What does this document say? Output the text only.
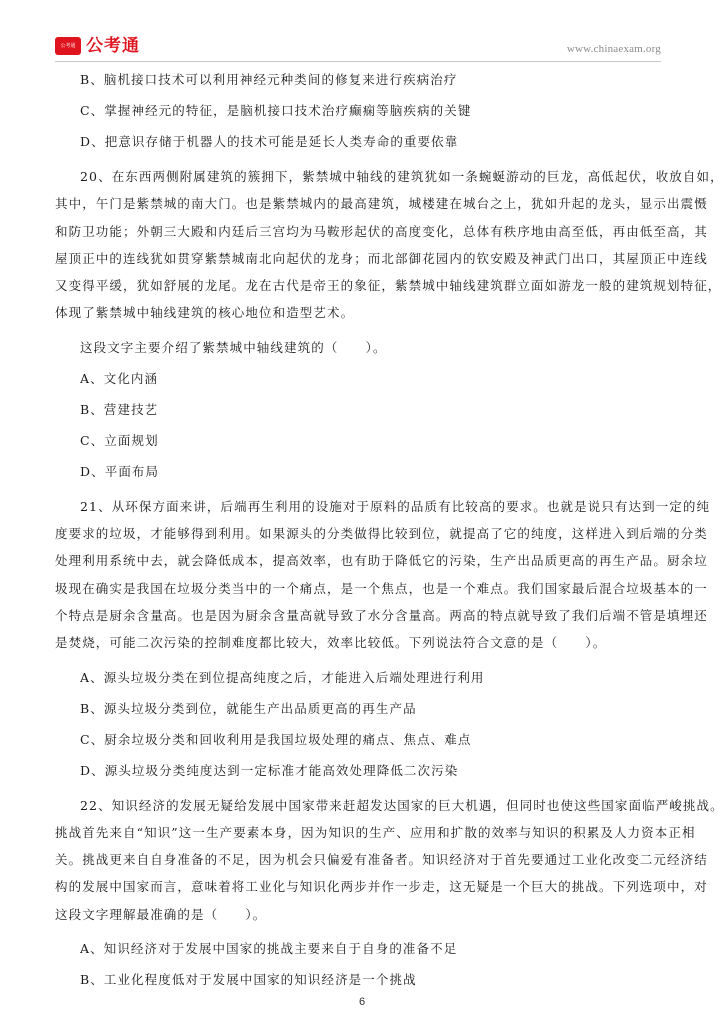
公考通 公考通	www.chinaexam.org
B、脑机接口技术可以利用神经元种类间的修复来进行疾病治疗
C、掌握神经元的特征，是脑机接口技术治疗癫痫等脑疾病的关键
D、把意识存储于机器人的技术可能是延长人类寿命的重要依靠
20、在东西两侧附属建筑的簇拥下，紫禁城中轴线的建筑犹如一条蜿蜒游动的巨龙，高低起伏，收放自如，
其中，午门是紫禁城的南大门。也是紫禁城内的最高建筑，城楼建在城台之上，犹如升起的龙头，显示出震慑
和防卫功能；外朝三大殿和内廷后三宫均为马鞍形起伏的高度变化，总体有秩序地由高至低，再由低至高，其
屋顶正中的连线犹如贯穿紫禁城南北向起伏的龙身；而北部御花园内的钦安殿及神武门出口，其屋顶正中连线
又变得平缓，犹如舒展的龙尾。龙在古代是帝王的象征，紫禁城中轴线建筑群立面如游龙一般的建筑规划特征，
体现了紫禁城中轴线建筑的核心地位和造型艺术。
这段文字主要介绍了紫禁城中轴线建筑的（　　）。
A、文化内涵
B、营建技艺
C、立面规划
D、平面布局
21、从环保方面来讲，后端再生利用的设施对于原料的品质有比较高的要求。也就是说只有达到一定的纯
度要求的垃圾，才能够得到利用。如果源头的分类做得比较到位，就提高了它的纯度，这样进入到后端的分类
处理利用系统中去，就会降低成本，提高效率，也有助于降低它的污染，生产出品质更高的再生产品。厨余垃
圾现在确实是我国在垃圾分类当中的一个痛点，是一个焦点，也是一个难点。我们国家最后混合垃圾基本的一
个特点是厨余含量高。也是因为厨余含量高就导致了水分含量高。两高的特点就导致了我们后端不管是填埋还
是焚烧，可能二次污染的控制难度都比较大，效率比较低。下列说法符合文意的是（　　）。
A、源头垃圾分类在到位提高纯度之后，才能进入后端处理进行利用
B、源头垃圾分类到位，就能生产出品质更高的再生产品
C、厨余垃圾分类和回收利用是我国垃圾处理的痛点、焦点、难点
D、源头垃圾分类纯度达到一定标准才能高效处理降低二次污染
22、知识经济的发展无疑给发展中国家带来赶超发达国家的巨大机遇，但同时也使这些国家面临严峻挑战。
挑战首先来自“知识”这一生产要素本身，因为知识的生产、应用和扩散的效率与知识的积累及人力资本正相
关。挑战更来自自身准备的不足，因为机会只偏爱有准备者。知识经济对于首先要通过工业化改变二元经济结
构的发展中国家而言，意味着将工业化与知识化两步并作一步走，这无疑是一个巨大的挑战。下列选项中，对
这段文字理解最准确的是（　　）。
A、知识经济对于发展中国家的挑战主要来自于自身的准备不足
B、工业化程度低对于发展中国家的知识经济是一个挑战
6
